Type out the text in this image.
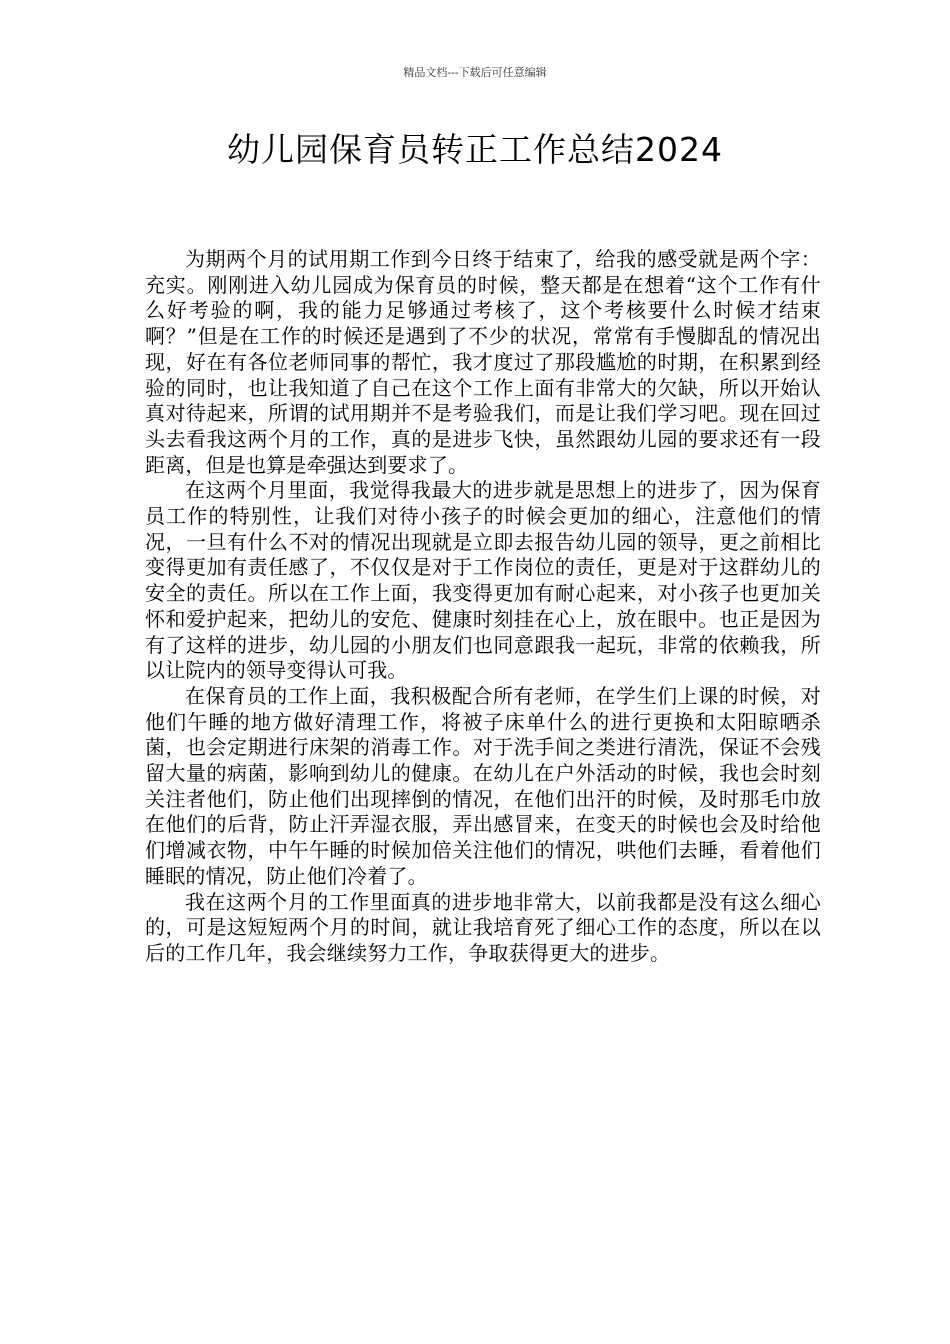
精品文档---下载后可任意编辑
幼儿园保育员转正工作总结2024

为期两个月的试用期工作到今日终于结束了，给我的感受就是两个字：充实。刚刚进入幼儿园成为保育员的时候，整天都是在想着“这个工作有什么好考验的啊，我的能力足够通过考核了，这个考核要什么时候才结束啊？”但是在工作的时候还是遇到了不少的状况，常常有手慢脚乱的情况出现，好在有各位老师同事的帮忙，我才度过了那段尴尬的时期，在积累到经验的同时，也让我知道了自己在这个工作上面有非常大的欠缺，所以开始认真对待起来，所谓的试用期并不是考验我们，而是让我们学习吧。现在回过头去看我这两个月的工作，真的是进步飞快，虽然跟幼儿园的要求还有一段距离，但是也算是牵强达到要求了。

在这两个月里面，我觉得我最大的进步就是思想上的进步了，因为保育员工作的特别性，让我们对待小孩子的时候会更加的细心，注意他们的情况，一旦有什么不对的情况出现就是立即去报告幼儿园的领导，更之前相比变得更加有责任感了，不仅仅是对于工作岗位的责任，更是对于这群幼儿的安全的责任。所以在工作上面，我变得更加有耐心起来，对小孩子也更加关怀和爱护起来，把幼儿的安危、健康时刻挂在心上，放在眼中。也正是因为有了这样的进步，幼儿园的小朋友们也同意跟我一起玩，非常的依赖我，所以让院内的领导变得认可我。

在保育员的工作上面，我积极配合所有老师，在学生们上课的时候，对他们午睡的地方做好清理工作，将被子床单什么的进行更换和太阳晾晒杀菌，也会定期进行床架的消毒工作。对于洗手间之类进行清洗，保证不会残留大量的病菌，影响到幼儿的健康。在幼儿在户外活动的时候，我也会时刻关注者他们，防止他们出现摔倒的情况，在他们出汗的时候，及时那毛巾放在他们的后背，防止汗弄湿衣服，弄出感冒来，在变天的时候也会及时给他们增减衣物，中午午睡的时候加倍关注他们的情况，哄他们去睡，看着他们睡眠的情况，防止他们冷着了。

我在这两个月的工作里面真的进步地非常大，以前我都是没有这么细心的，可是这短短两个月的时间，就让我培育死了细心工作的态度，所以在以后的工作几年，我会继续努力工作，争取获得更大的进步。
